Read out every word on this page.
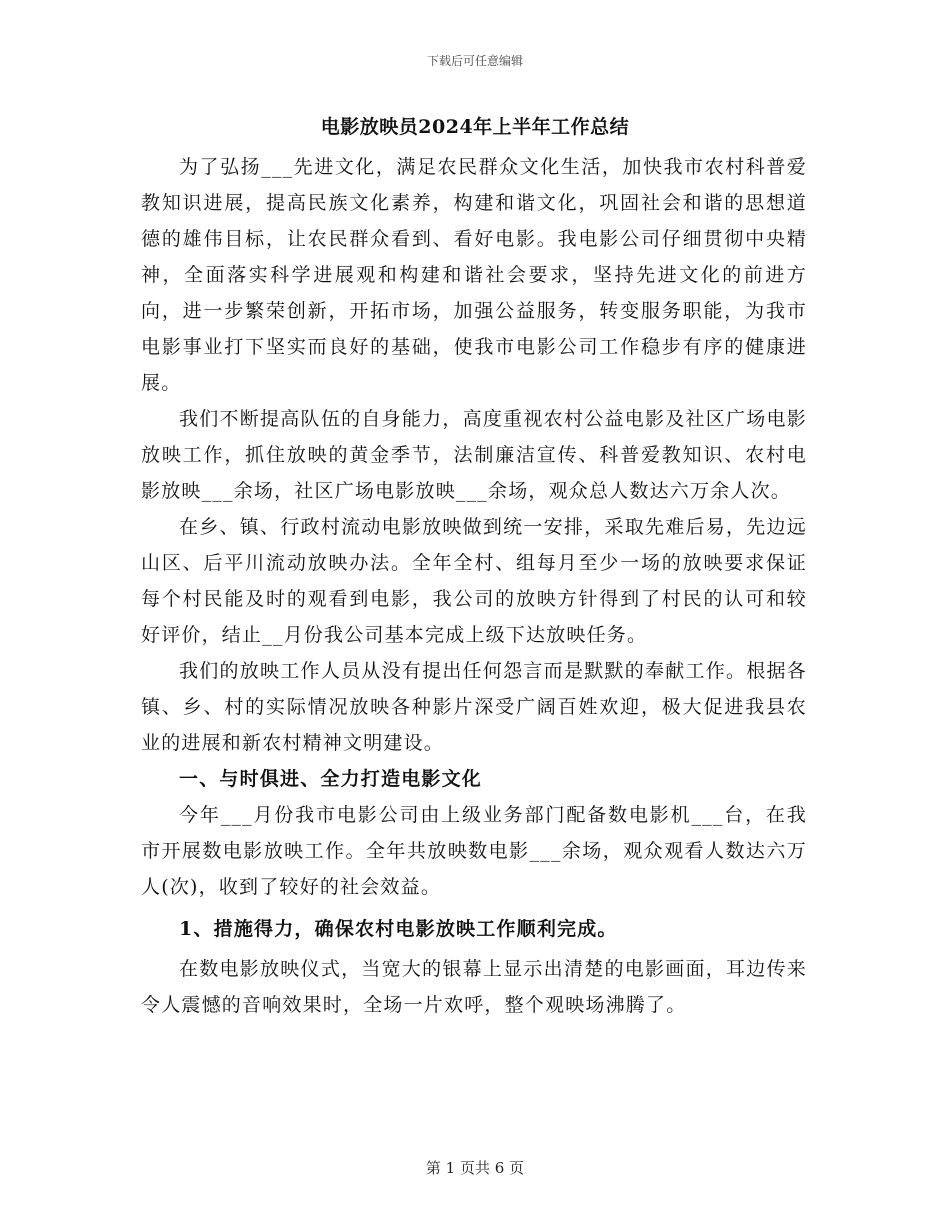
下载后可任意编辑
电影放映员2024年上半年工作总结

为了弘扬___先进文化，满足农民群众文化生活，加快我市农村科普爱教知识进展，提高民族文化素养，构建和谐文化，巩固社会和谐的思想道德的雄伟目标，让农民群众看到、看好电影。我电影公司仔细贯彻中央精神，全面落实科学进展观和构建和谐社会要求，坚持先进文化的前进方向，进一步繁荣创新，开拓市场，加强公益服务，转变服务职能，为我市电影事业打下坚实而良好的基础，使我市电影公司工作稳步有序的健康进展。

我们不断提高队伍的自身能力，高度重视农村公益电影及社区广场电影放映工作，抓住放映的黄金季节，法制廉洁宣传、科普爱教知识、农村电影放映___余场，社区广场电影放映___余场，观众总人数达六万余人次。

在乡、镇、行政村流动电影放映做到统一安排，采取先难后易，先边远山区、后平川流动放映办法。全年全村、组每月至少一场的放映要求保证每个村民能及时的观看到电影，我公司的放映方针得到了村民的认可和较好评价，结止__月份我公司基本完成上级下达放映任务。

我们的放映工作人员从没有提出任何怨言而是默默的奉献工作。根据各镇、乡、村的实际情况放映各种影片深受广阔百姓欢迎，极大促进我县农业的进展和新农村精神文明建设。

一、与时俱进、全力打造电影文化

今年___月份我市电影公司由上级业务部门配备数电影机___台，在我市开展数电影放映工作。全年共放映数电影___余场，观众观看人数达六万人(次)，收到了较好的社会效益。

1、措施得力，确保农村电影放映工作顺利完成。

在数电影放映仪式，当宽大的银幕上显示出清楚的电影画面，耳边传来令人震憾的音响效果时，全场一片欢呼，整个观映场沸腾了。

第 1 页共 6 页
